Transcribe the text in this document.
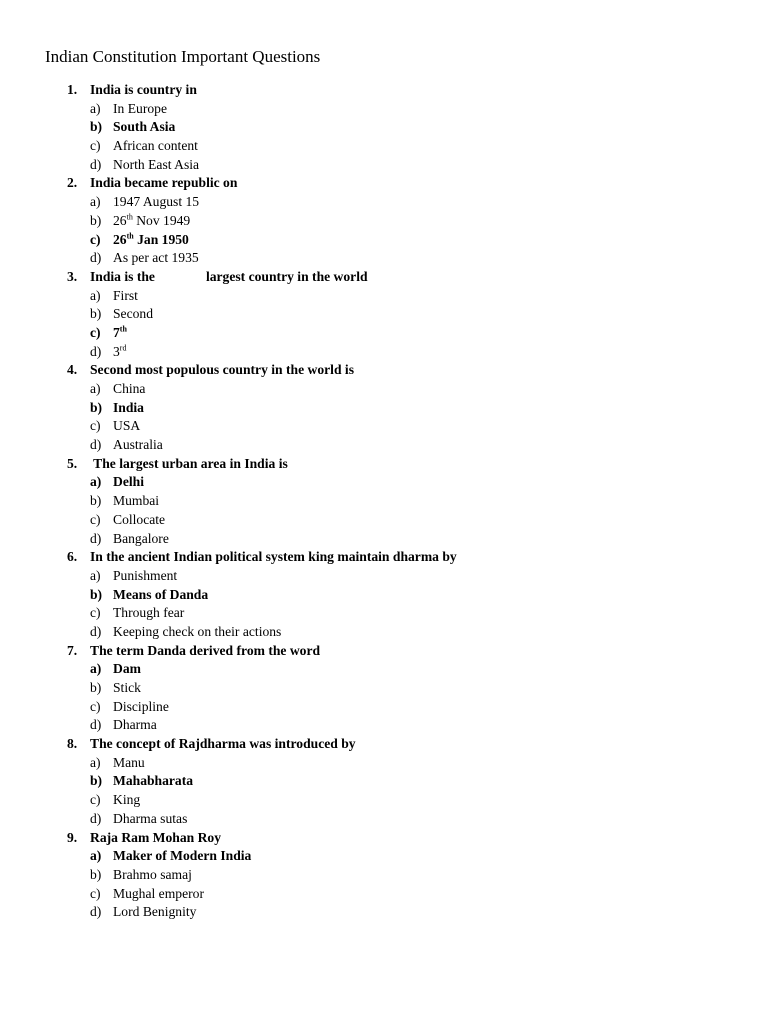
Indian Constitution Important Questions
1. India is country in
a) In Europe
b) South Asia
c) African content
d) North East Asia
2. India became republic on
a) 1947 August 15
b) 26th Nov 1949
c) 26th Jan 1950
d) As per act 1935
3. India is the               largest country in the world
a) First
b) Second
c) 7th
d) 3rd
4. Second most populous country in the world is
a) China
b) India
c) USA
d) Australia
5. The largest urban area in India is
a) Delhi
b) Mumbai
c) Collocate
d) Bangalore
6. In the ancient Indian political system king maintain dharma by
a) Punishment
b) Means of Danda
c) Through fear
d) Keeping check on their actions
7. The term Danda derived from the word
a) Dam
b) Stick
c) Discipline
d) Dharma
8. The concept of Rajdharma was introduced by
a) Manu
b) Mahabharata
c) King
d) Dharma sutas
9. Raja Ram Mohan Roy
a) Maker of Modern India
b) Brahmo samaj
c) Mughal emperor
d) Lord Benignity
